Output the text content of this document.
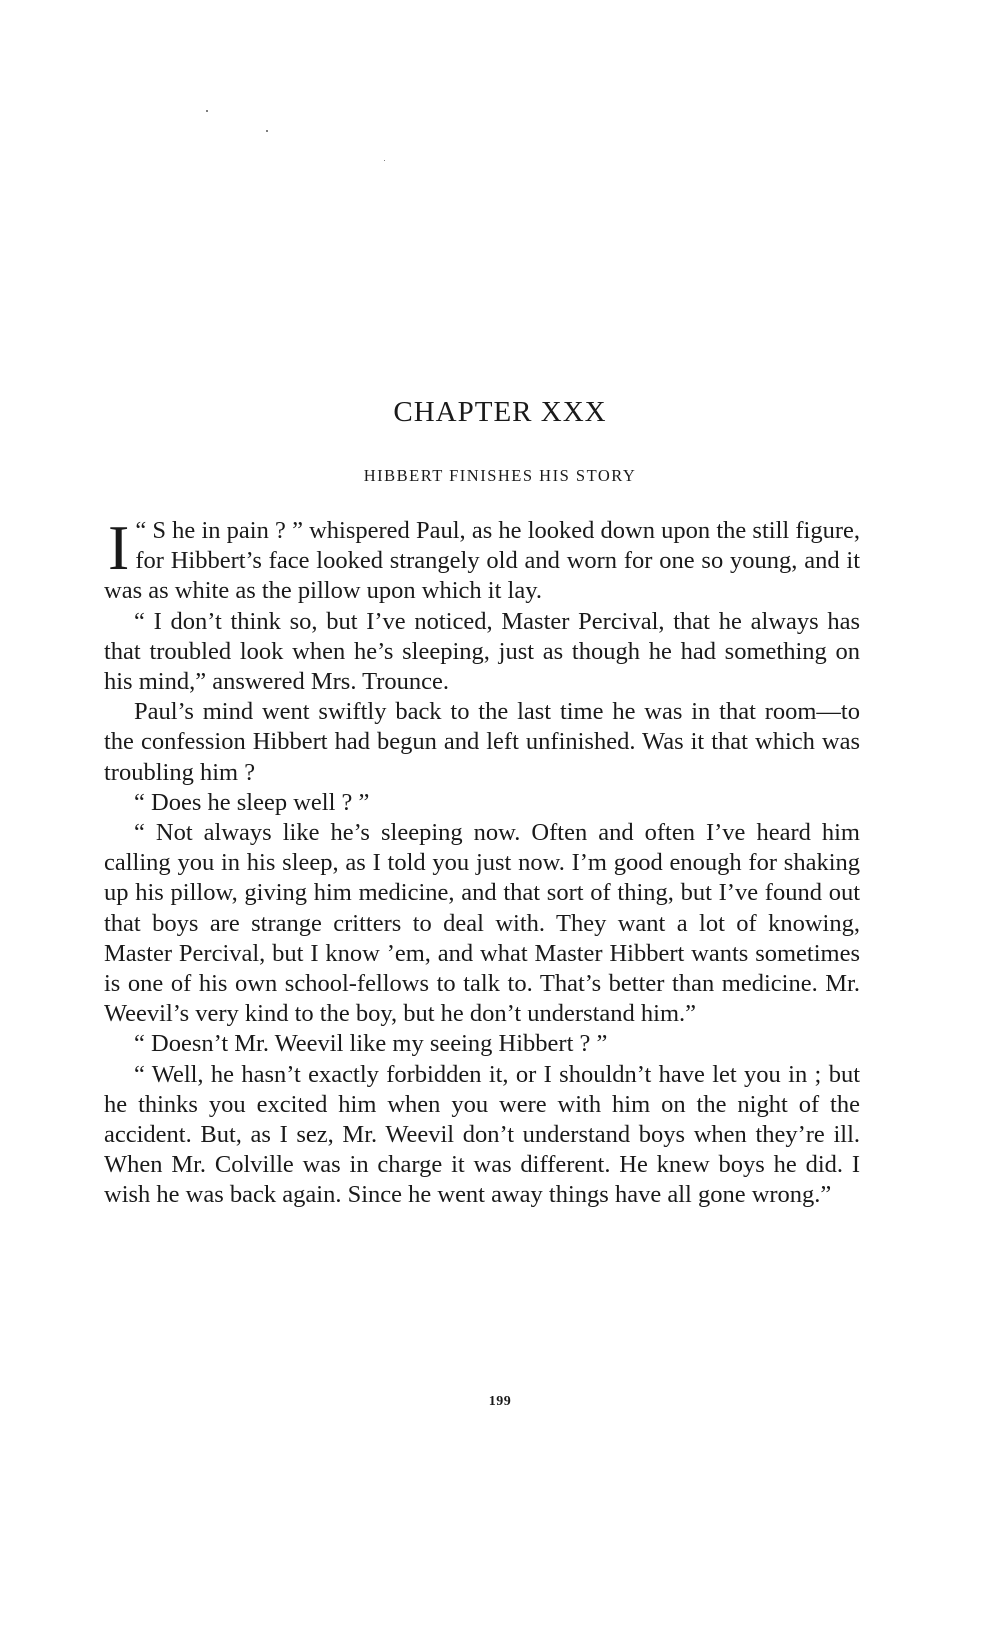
CHAPTER XXX
HIBBERT FINISHES HIS STORY

“
I S he in pain ? ” whispered Paul, as he looked down upon the still figure, for Hibbert’s face looked strangely old and worn for one so young, and it was as white as the pillow upon which it lay.

“ I don’t think so, but I’ve noticed, Master Percival, that he always has that troubled look when he’s sleeping, just as though he had something on his mind,” answered Mrs. Trounce.

Paul’s mind went swiftly back to the last time he was in that room—to the confession Hibbert had begun and left unfinished. Was it that which was troubling him ?

“ Does he sleep well ? ”

“ Not always like he’s sleeping now. Often and often I’ve heard him calling you in his sleep, as I told you just now. I’m good enough for shaking up his pillow, giving him medicine, and that sort of thing, but I’ve found out that boys are strange critters to deal with. They want a lot of knowing, Master Percival, but I know ’em, and what Master Hibbert wants sometimes is one of his own school-fellows to talk to. That’s better than medicine. Mr. Weevil’s very kind to the boy, but he don’t understand him.”

“ Doesn’t Mr. Weevil like my seeing Hibbert ? ”

“ Well, he hasn’t exactly forbidden it, or I shouldn’t have let you in ; but he thinks you excited him when you were with him on the night of the accident. But, as I sez, Mr. Weevil don’t understand boys when they’re ill. When Mr. Colville was in charge it was different. He knew boys he did. I wish he was back again. Since he went away things have all gone wrong.”

199
